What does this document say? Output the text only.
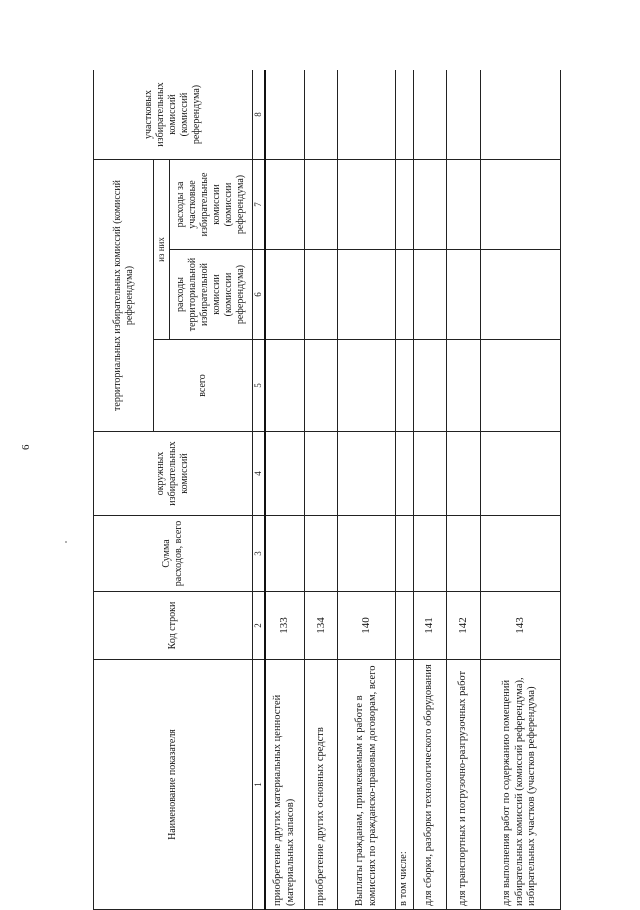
6
Наименование показателя	Код строки	Сумма расходов, всего	окружных избирательных комиссий	территориальных избирательных комиссий (комиссий референдума)			участковых избирательных комиссий (комиссий референдума)
				всего	из них		
					расходы территориальной избирательной комиссии (комиссии референдума)	расходы за участковые избирательные комиссии (комиссии референдума)	
1	2	3	4	5	6	7	8
приобретение других материальных ценностей (материальных запасов)	133						
приобретение других основных средств	134						
Выплаты гражданам, привлекаемым к работе в комиссиях по гражданско-правовым договорам, всего	140						
в том числе:							
для сборки, разборки технологического оборудования	141						
для транспортных и погрузочно-разгрузочных работ	142						
для выполнения работ по содержанию помещений избирательных комиссий (комиссий референдума), избирательных участков (участков референдума)	143						
